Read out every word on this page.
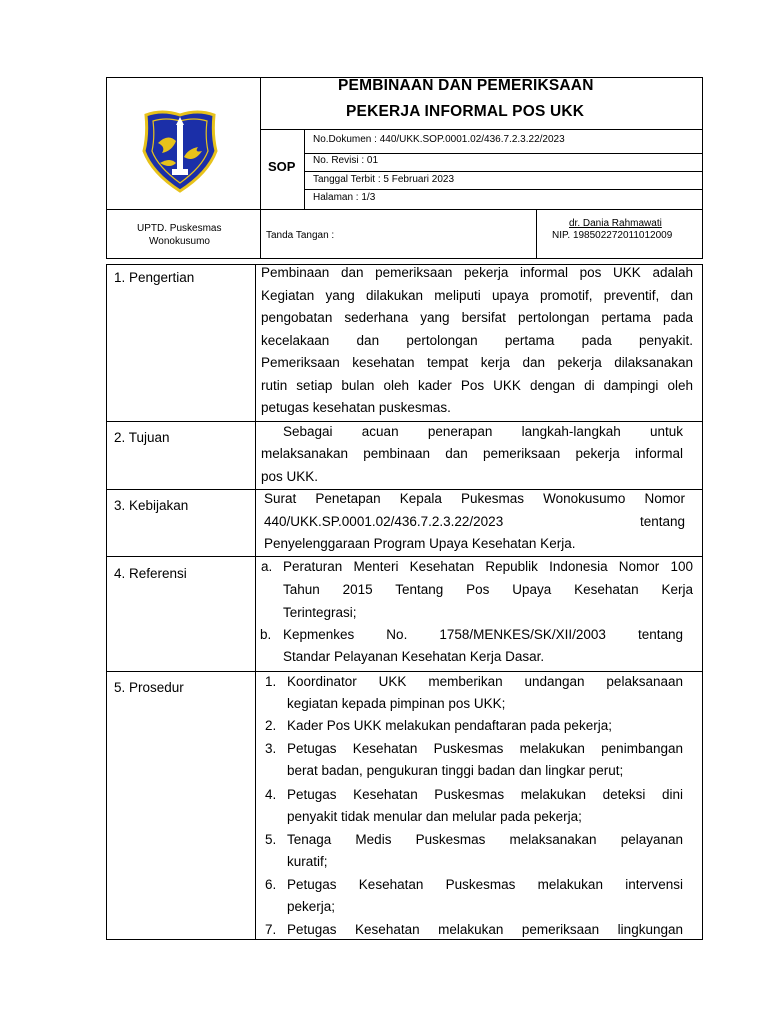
PEMBINAAN DAN PEMERIKSAAN
PEKERJA INFORMAL POS UKK
SOP
No.Dokumen : 440/UKK.SOP.0001.02/436.7.2.3.22/2023
No. Revisi : 01
Tanggal Terbit : 5 Februari 2023
Halaman : 1/3
UPTD. Puskesmas
Wonokusumo
Tanda Tangan :
dr. Dania Rahmawati
NIP. 198502272011012009
1. Pengertian
2. Tujuan
3. Kebijakan
4. Referensi
5. Prosedur
Pembinaan dan pemeriksaan pekerja informal pos UKK adalah
Kegiatan yang dilakukan meliputi upaya promotif, preventif, dan
pengobatan sederhana yang bersifat pertolongan pertama pada
kecelakaan dan pertolongan pertama pada penyakit.
Pemeriksaan kesehatan tempat kerja dan pekerja dilaksanakan
rutin setiap bulan oleh kader Pos UKK dengan di dampingi oleh
petugas kesehatan puskesmas.
Sebagai acuan penerapan langkah-langkah untuk
melaksanakan pembinaan dan pemeriksaan pekerja informal
pos UKK.
Surat Penetapan Kepala Pukesmas Wonokusumo Nomor
440/UKK.SP.0001.02/436.7.2.3.22/2023 tentang
Penyelenggaraan Program Upaya Kesehatan Kerja.
a. Peraturan Menteri Kesehatan Republik Indonesia Nomor 100
Tahun 2015 Tentang Pos Upaya Kesehatan Kerja
Terintegrasi;
b. Kepmenkes No. 1758/MENKES/SK/XII/2003 tentang
Standar Pelayanan Kesehatan Kerja Dasar.
1. Koordinator UKK memberikan undangan pelaksanaan
kegiatan kepada pimpinan pos UKK;
2. Kader Pos UKK melakukan pendaftaran pada pekerja;
3. Petugas Kesehatan Puskesmas melakukan penimbangan
berat badan, pengukuran tinggi badan dan lingkar perut;
4. Petugas Kesehatan Puskesmas melakukan deteksi dini
penyakit tidak menular dan melular pada pekerja;
5. Tenaga Medis Puskesmas melaksanakan pelayanan
kuratif;
6. Petugas Kesehatan Puskesmas melakukan intervensi
pekerja;
7. Petugas Kesehatan melakukan pemeriksaan lingkungan
